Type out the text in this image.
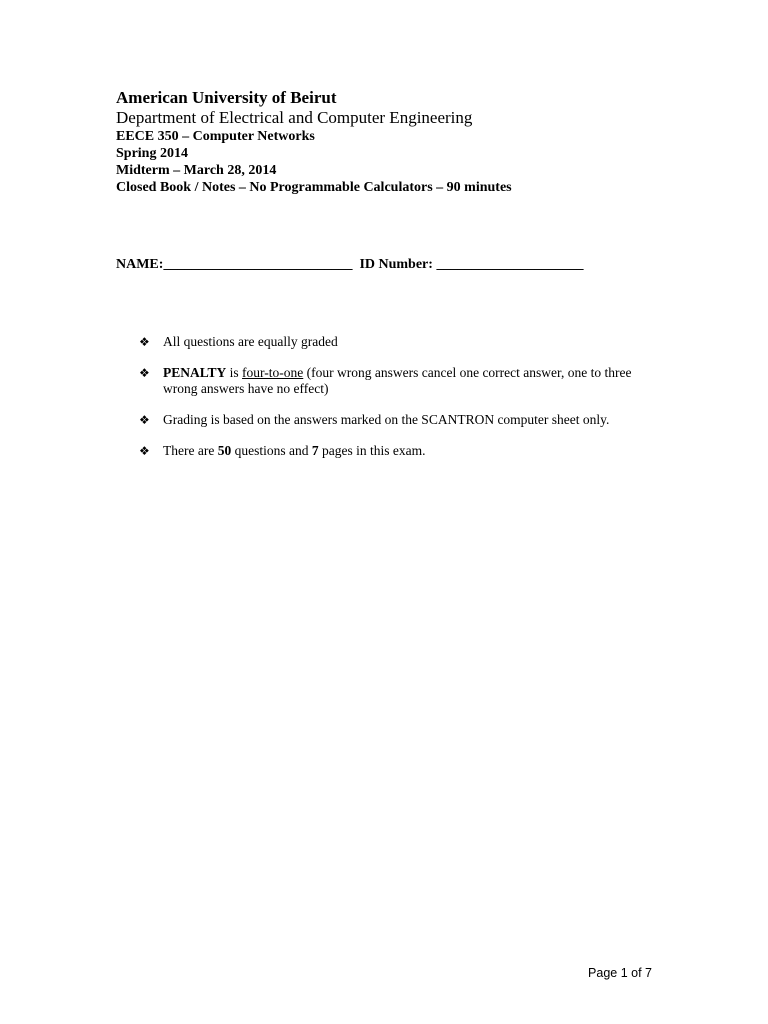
American University of Beirut
Department of Electrical and Computer Engineering
EECE 350 – Computer Networks
Spring 2014
Midterm – March 28, 2014
Closed Book / Notes – No Programmable Calculators – 90 minutes
NAME:___________________________ ID Number: _____________________
❖ All questions are equally graded
❖ PENALTY is four-to-one (four wrong answers cancel one correct answer, one to three wrong answers have no effect)
❖ Grading is based on the answers marked on the SCANTRON computer sheet only.
❖ There are 50 questions and 7 pages in this exam.
Page 1 of 7
